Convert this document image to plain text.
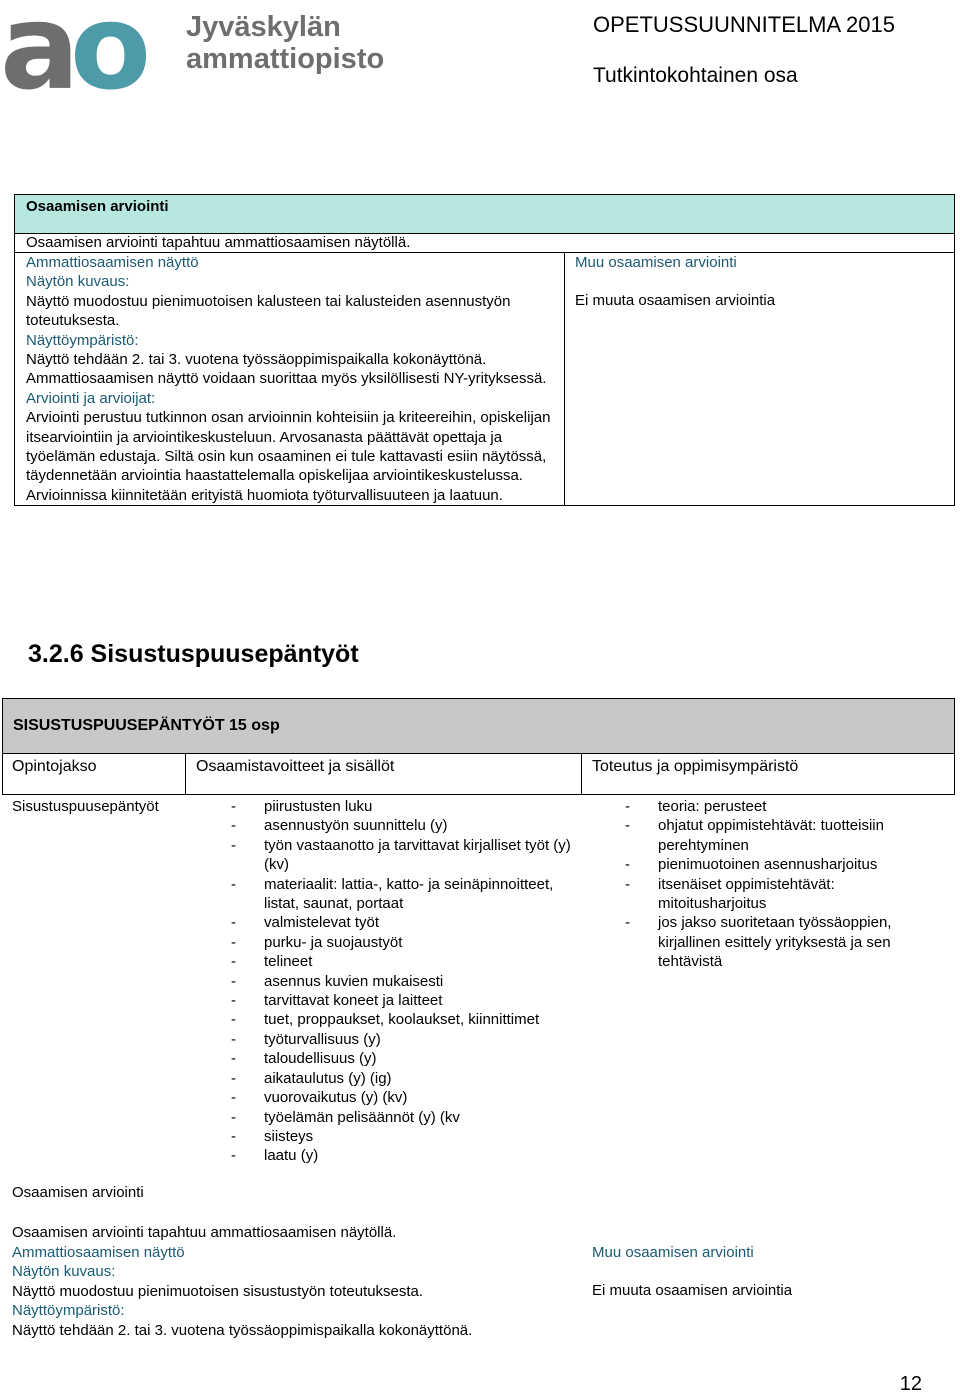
a
o Jyväskylän
ammattiopisto
OPETUSSUUNNITELMA 2015
Tutkintokohtainen osa
Osaamisen arviointi

Osaamisen arviointi tapahtuu ammattiosaamisen näytöllä.

Ammattiosaamisen näyttö
Näytön kuvaus:
Näyttö muodostuu pienimuotoisen kalusteen tai kalusteiden asennustyön toteutuksesta.
Näyttöympäristö:
Näyttö tehdään 2. tai 3. vuotena työssäoppimispaikalla kokonäyttönä.
Ammattiosaamisen näyttö voidaan suorittaa myös yksilöllisesti NY-yrityksessä.
Arviointi ja arvioijat:
Arviointi perustuu tutkinnon osan arvioinnin kohteisiin ja kriteereihin, opiskelijan itsearviointiin ja arviointikeskusteluun. Arvosanasta päättävät opettaja ja työelämän edustaja. Siltä osin kun osaaminen ei tule kattavasti esiin näytössä, täydennetään arviointia haastattelemalla opiskelijaa arviointikeskustelussa.
Arvioinnissa kiinnitetään erityistä huomiota työturvallisuuteen ja laatuun.

Muu osaamisen arviointi
Ei muuta osaamisen arviointia
3.2.6 Sisustuspuusepäntyöt
SISUSTUSPUUSEPÄNTYÖT 15 osp
Opintojakso	Osaamistavoitteet ja sisällöt	Toteutus ja oppimisympäristö
Sisustuspuusepäntyöt
-	piirustusten luku
- asennustyön suunnittelu (y)
- työn vastaanotto ja tarvittavat kirjalliset työt (y) (kv)
- materiaalit: lattia-, katto- ja seinäpinnoitteet, listat, saunat, portaat
- valmistelevat työt
- purku- ja suojaustyöt
- telineet
- asennus kuvien mukaisesti
- tarvittavat koneet ja laitteet
- tuet, proppaukset, koolaukset, kiinnittimet
- työturvallisuus (y)
- taloudellisuus (y)
- aikataulutus (y) (ig)
- vuorovaikutus (y) (kv)
- työelämän pelisäännöt (y) (kv
- siisteys
- laatu (y)
- teoria: perusteet
- ohjatut oppimistehtävät: tuotteisiin perehtyminen
- pienimuotoinen asennusharjoitus
- itsenäiset oppimistehtävät: mitoitusharjoitus
- jos jakso suoritetaan työssäoppien, kirjallinen esittely yrityksestä ja sen tehtävistä
Osaamisen arviointi
Osaamisen arviointi tapahtuu ammattiosaamisen näytöllä.
Ammattiosaamisen näyttö
Näytön kuvaus:
Näyttö muodostuu pienimuotoisen sisustustyön toteutuksesta.
Näyttöympäristö:
Näyttö tehdään 2. tai 3. vuotena työssäoppimispaikalla kokonäyttönä.
Muu osaamisen arviointi
Ei muuta osaamisen arviointia
12
